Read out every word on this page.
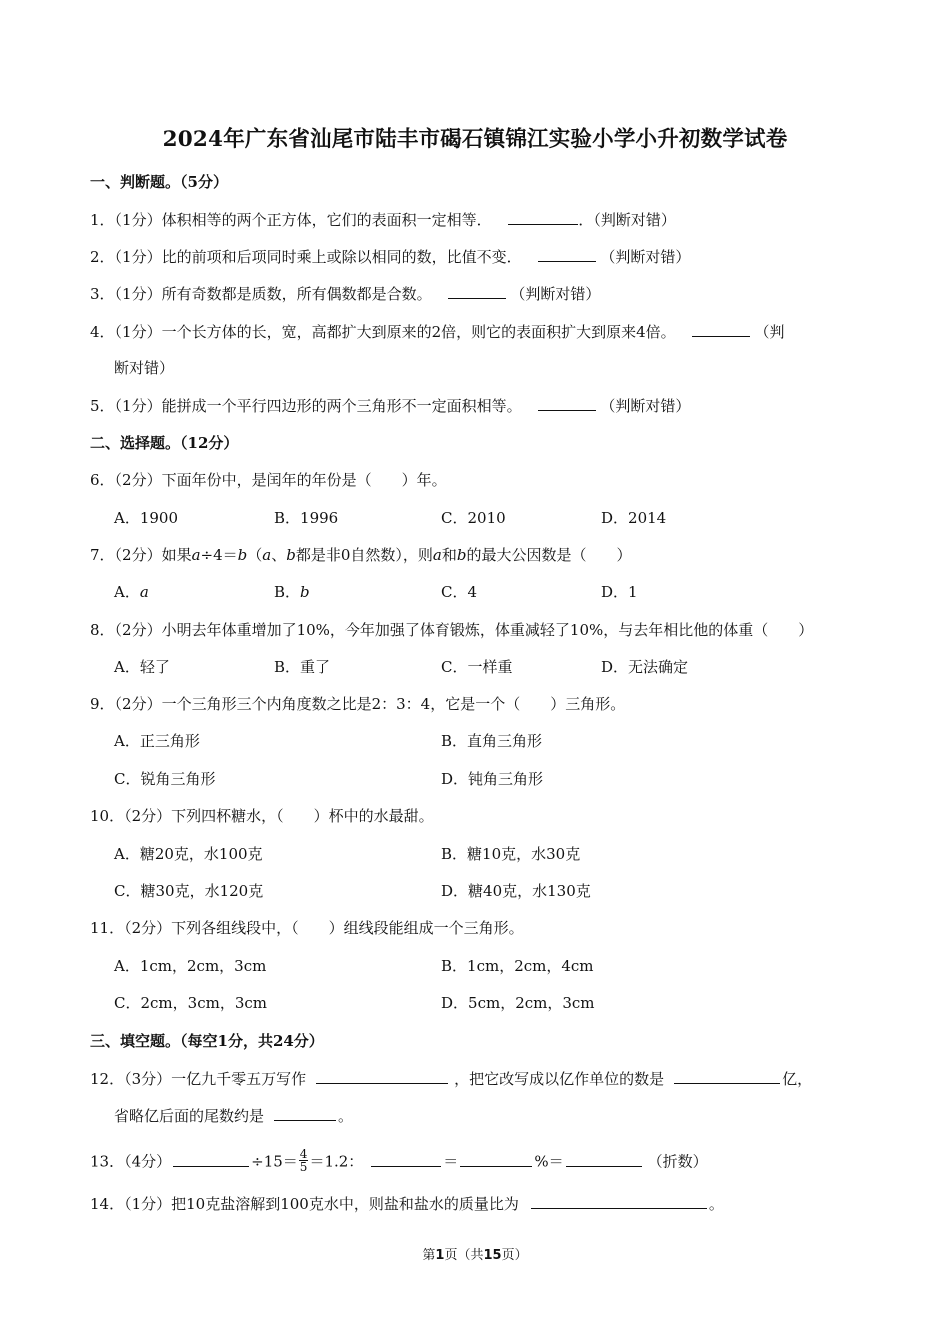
2024年广东省汕尾市陆丰市碣石镇锦江实验小学小升初数学试卷
一、判断题。（5分）
1．（1分）体积相等的两个正方体，它们的表面积一定相等．	．（判断对错）
2．（1分）比的前项和后项同时乘上或除以相同的数，比值不变．	（判断对错）
3．（1分）所有奇数都是质数，所有偶数都是合数。	（判断对错）
4．（1分）一个长方体的长，宽，高都扩大到原来的2倍，则它的表面积扩大到原来4倍。	（判
断对错）
5．（1分）能拼成一个平行四边形的两个三角形不一定面积相等。	（判断对错）
二、选择题。（12分）
6．（2分）下面年份中，是闰年的年份是（　　）年。
A．1900	B．1996	C．2010	D．2014
7．（2分）如果a÷4＝b（a、b都是非0自然数），则a和b的最大公因数是（　　）
A．a	B．b	C．4	D．1
8．（2分）小明去年体重增加了10%，今年加强了体育锻炼，体重减轻了10%，与去年相比他的体重（　　）
A．轻了	B．重了	C．一样重	D．无法确定
9．（2分）一个三角形三个内角度数之比是2：3：4，它是一个（　　）三角形。
A．正三角形	B．直角三角形
C．锐角三角形	D．钝角三角形
10．（2分）下列四杯糖水，（　　）杯中的水最甜。
A．糖20克，水100克	B．糖10克，水30克
C．糖30克，水120克	D．糖40克，水130克
11．（2分）下列各组线段中，（　　）组线段能组成一个三角形。
A．1cm，2cm，3cm	B．1cm，2cm，4cm
C．2cm，3cm，3cm	D．5cm，2cm，3cm
三、填空题。（每空1分，共24分）
12．（3分）一亿九千零五万写作	，把它改写成以亿作单位的数是	亿，
省略亿后面的尾数约是	。
13．（4分）	$\div 15= \frac{4}{5} =1.2$：	＝	%＝	（折数）
14．（1分）把10克盐溶解到100克水中，则盐和盐水的质量比为	。
第1页（共15页）
